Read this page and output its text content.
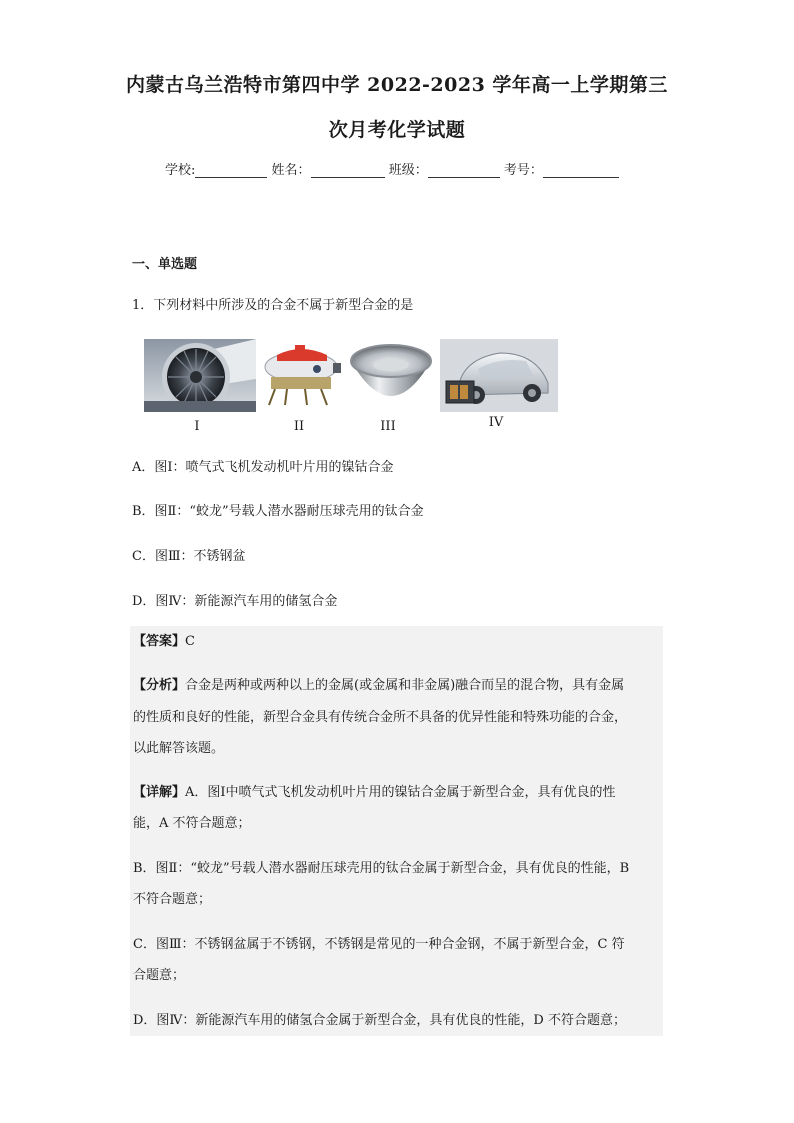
内蒙古乌兰浩特市第四中学 2022-2023 学年高一上学期第三
次月考化学试题
学校:	姓名：	班级：	考号：
一、单选题
1．下列材料中所涉及的合金不属于新型合金的是
I	II	III	IV
A．图Ⅰ：喷气式飞机发动机叶片用的镍钴合金
B．图Ⅱ：“蛟龙”号载人潜水器耐压球壳用的钛合金
C．图Ⅲ：不锈钢盆
D．图Ⅳ：新能源汽车用的储氢合金
【答案】C
【分析】合金是两种或两种以上的金属(或金属和非金属)融合而呈的混合物，具有金属
的性质和良好的性能，新型合金具有传统合金所不具备的优异性能和特殊功能的合金，
以此解答该题。
【详解】A．图Ⅰ中喷气式飞机发动机叶片用的镍钴合金属于新型合金，具有优良的性
能，A 不符合题意；
B．图Ⅱ：“蛟龙”号载人潜水器耐压球壳用的钛合金属于新型合金，具有优良的性能，B
不符合题意；
C．图Ⅲ：不锈钢盆属于不锈钢，不锈钢是常见的一种合金钢，不属于新型合金，C 符
合题意；
D．图Ⅳ：新能源汽车用的储氢合金属于新型合金，具有优良的性能，D 不符合题意；
